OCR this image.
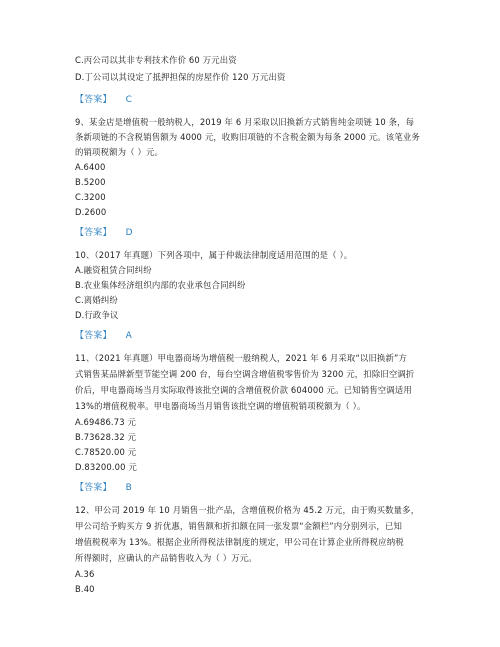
C.丙公司以其非专利技术作价 60 万元出资

D.丁公司以其设定了抵押担保的房屋作价 120 万元出资

【答案】 C

9、某金店是增值税一般纳税人，2019 年 6 月采取以旧换新方式销售纯金项链 10 条，每

条新项链的不含税销售额为 4000 元，收购旧项链的不含税金额为每条 2000 元。该笔业务

的销项税额为（ ）元。

A.6400

B.5200

C.3200

D.2600

【答案】 D

10、（2017 年真题）下列各项中，属于仲裁法律制度适用范围的是（ ）。

A.融资租赁合同纠纷

B.农业集体经济组织内部的农业承包合同纠纷

C.离婚纠纷

D.行政争议

【答案】 A

11、（2021 年真题）甲电器商场为增值税一般纳税人，2021 年 6 月采取“以旧换新”方

式销售某品牌新型节能空调 200 台，每台空调含增值税零售价为 3200 元，扣除旧空调折

价后，甲电器商场当月实际取得该批空调的含增值税价款 604000 元。已知销售空调适用

13%的增值税税率。甲电器商场当月销售该批空调的增值税销项税额为（ ）。

A.69486.73 元

B.73628.32 元

C.78520.00 元

D.83200.00 元

【答案】 B

12、甲公司 2019 年 10 月销售一批产品，含增值税价格为 45.2 万元，由于购买数量多，

甲公司给予购买方 9 折优惠，销售额和折扣额在同一张发票“金额栏”内分别列示，已知

增值税税率为 13%。根据企业所得税法律制度的规定，甲公司在计算企业所得税应纳税

所得额时，应确认的产品销售收入为（ ）万元。

A.36

B.40
